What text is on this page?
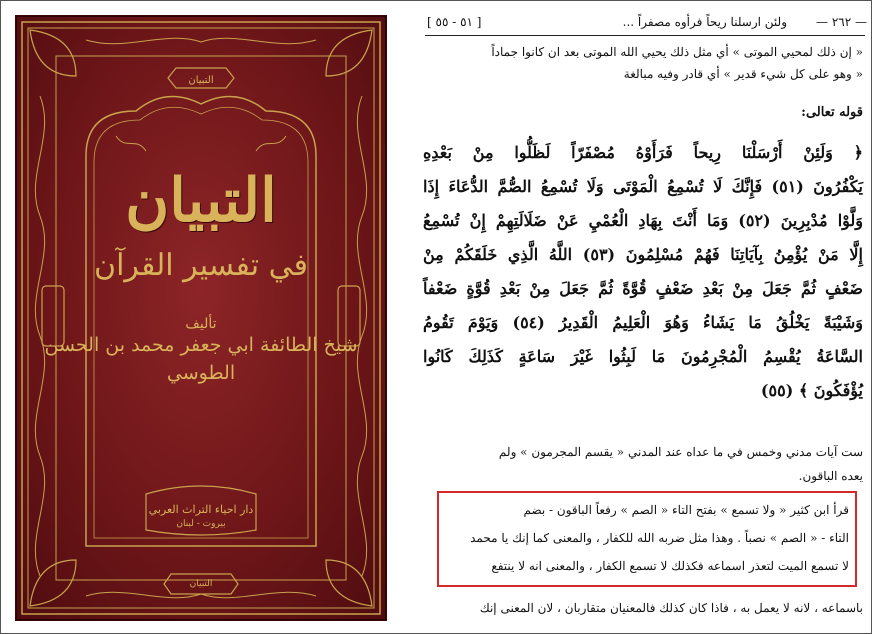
التبيان
التبيان
في تفسير القرآن
تأليف
شيخ الطائفة ابي جعفر محمد بن الحسن
الطوسي
دار احياء التراث العربي
بيروت - لبنان
التبيان
— ٢٦٢ —
ولئن ارسلنا ريحاً فرأوه مصفراً ...
[ ٥١ - ٥٥ ]
« إن ذلك لمحيي الموتى » أي مثل ذلك يحيي الله الموتى بعد ان كانوا جماداً
« وهو على كل شيء قدير » أي قادر وفيه مبالغة
قوله تعالى:
﴿ وَلَئِنْ أَرْسَلْنَا رِيحاً فَرَأَوْهُ مُصْفَرّاً لَظَلُّوا مِنْ بَعْدِهِ
يَكْفُرُونَ (٥١) فَإِنَّكَ لَا تُسْمِعُ الْمَوْتَى وَلَا تُسْمِعُ الصُّمَّ الدُّعَاءَ إِذَا
وَلَّوْا مُدْبِرِينَ (٥٢) وَمَا أَنْتَ بِهَادِ الْعُمْيِ عَنْ ضَلَالَتِهِمْ إِنْ تُسْمِعُ
إِلَّا مَنْ يُؤْمِنُ بِآيَاتِنَا فَهُمْ مُسْلِمُونَ (٥٣) اللَّهُ الَّذِي خَلَقَكُمْ مِنْ
ضَعْفٍ ثُمَّ جَعَلَ مِنْ بَعْدِ ضَعْفٍ قُوَّةً ثُمَّ جَعَلَ مِنْ بَعْدِ قُوَّةٍ ضَعْفاً
وَشَيْبَةً يَخْلُقُ مَا يَشَاءُ وَهُوَ الْعَلِيمُ الْقَدِيرُ (٥٤) وَيَوْمَ تَقُومُ
السَّاعَةُ يُقْسِمُ الْمُجْرِمُونَ مَا لَبِثُوا غَيْرَ سَاعَةٍ كَذَلِكَ كَانُوا
يُؤْفَكُونَ ﴾ (٥٥)
ست آيات مدني وخمس في ما عداه عند المدني « يقسم المجرمون » ولم
يعده الباقون.
قرأ ابن كثير « ولا تسمع » بفتح التاء « الصم » رفعاً الباقون - بضم
التاء - « الصم » نصباً . وهذا مثل ضربه الله للكفار ، والمعنى كما إنك يا محمد
لا تسمع الميت لتعذر اسماعه فكذلك لا تسمع الكفار ، والمعنى انه لا ينتفع
باسماعه ، لانه لا يعمل به ، فاذا كان كذلك فالمعنيان متقاربان ، لان المعنى إنك
